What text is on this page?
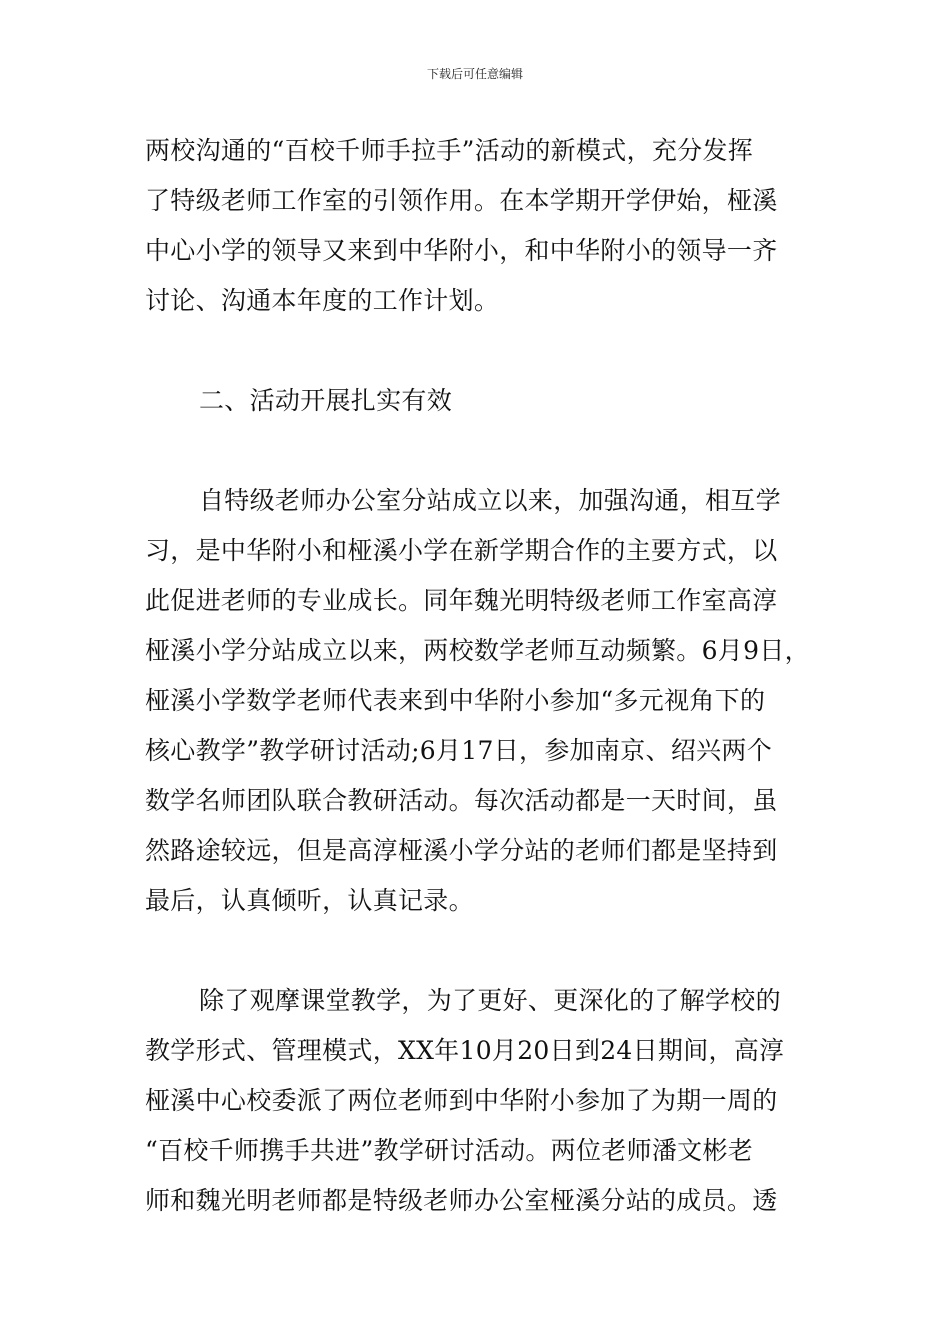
下载后可任意编辑
两校沟通的“百校千师手拉手”活动的新模式，充分发挥
了特级老师工作室的引领作用。在本学期开学伊始，桠溪
中心小学的领导又来到中华附小，和中华附小的领导一齐
讨论、沟通本年度的工作计划。
二、活动开展扎实有效
自特级老师办公室分站成立以来，加强沟通，相互学
习，是中华附小和桠溪小学在新学期合作的主要方式，以
此促进老师的专业成长。同年魏光明特级老师工作室高淳
桠溪小学分站成立以来，两校数学老师互动频繁。6月9日，
桠溪小学数学老师代表来到中华附小参加“多元视角下的
核心教学”教学研讨活动;6月17日，参加南京、绍兴两个
数学名师团队联合教研活动。每次活动都是一天时间，虽
然路途较远，但是高淳桠溪小学分站的老师们都是坚持到
最后，认真倾听，认真记录。
除了观摩课堂教学，为了更好、更深化的了解学校的
教学形式、管理模式，XX年10月20日到24日期间，高淳
桠溪中心校委派了两位老师到中华附小参加了为期一周的
“百校千师携手共进”教学研讨活动。两位老师潘文彬老
师和魏光明老师都是特级老师办公室桠溪分站的成员。透
